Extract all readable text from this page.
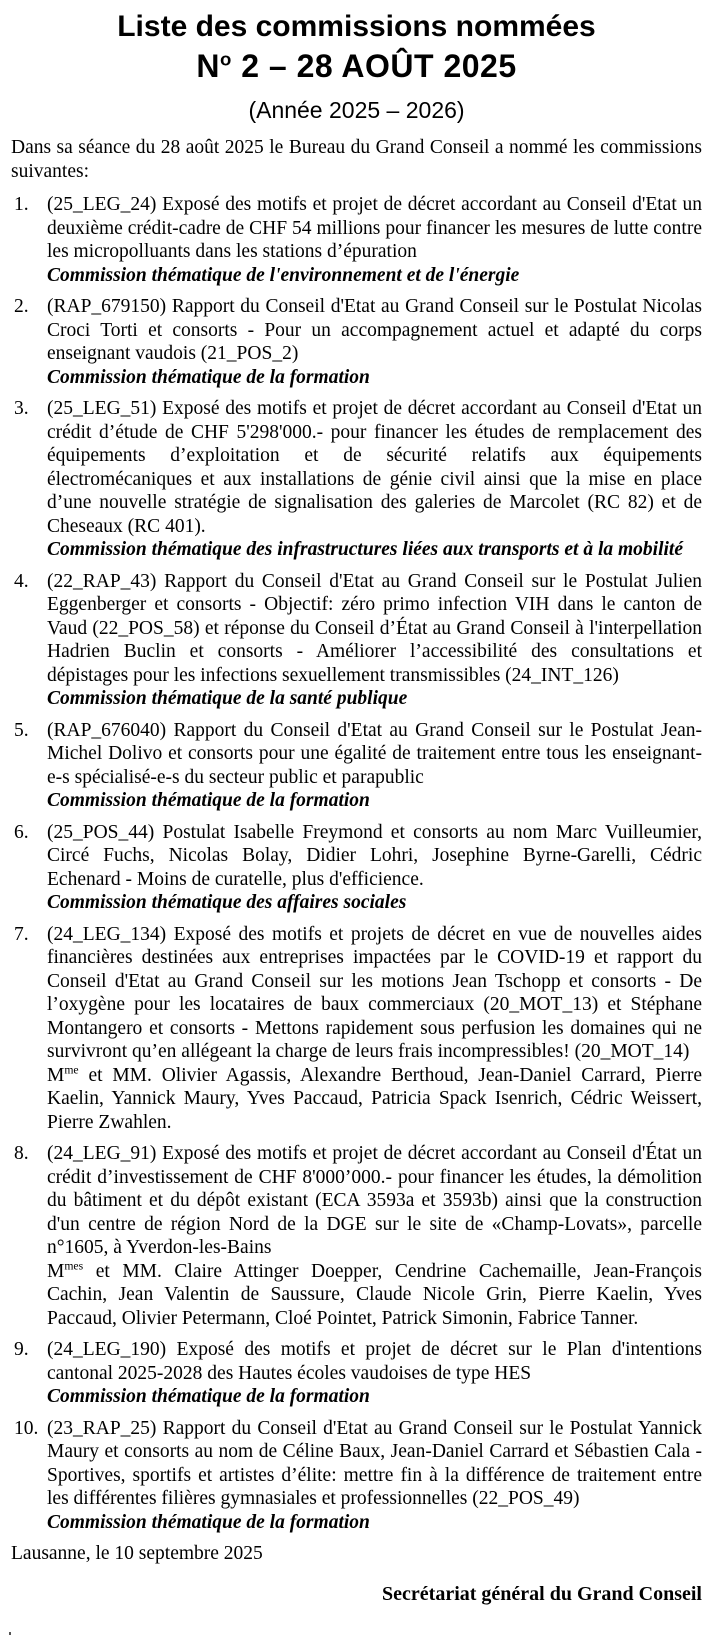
Liste des commissions nommées
$N^o$ 2 – 28 AOÛT 2025
(Année 2025 – 2026)

Dans sa séance du 28 août 2025 le Bureau du Grand Conseil a nommé les commissions suivantes:

1. (25_LEG_24) Exposé des motifs et projet de décret accordant au Conseil d'Etat un deuxième crédit-cadre de CHF 54 millions pour financer les mesures de lutte contre les micropolluants dans les stations d’épuration

Commission thématique de l'environnement et de l'énergie

2. (RAP_679150) Rapport du Conseil d'Etat au Grand Conseil sur le Postulat Nicolas Croci Torti et consorts - Pour un accompagnement actuel et adapté du corps enseignant vaudois (21_POS_2)

Commission thématique de la formation

3. (25_LEG_51) Exposé des motifs et projet de décret accordant au Conseil d'Etat un crédit d’étude de CHF 5'298'000.- pour financer les études de remplacement des équipements d’exploitation et de sécurité relatifs aux équipements électromécaniques et aux installations de génie civil ainsi que la mise en place d’une nouvelle stratégie de signalisation des galeries de Marcolet (RC 82) et de Cheseaux (RC 401).

Commission thématique des infrastructures liées aux transports et à la mobilité

4. (22_RAP_43) Rapport du Conseil d'Etat au Grand Conseil sur le Postulat Julien Eggenberger et consorts - Objectif: zéro primo infection VIH dans le canton de Vaud (22_POS_58) et réponse du Conseil d’État au Grand Conseil à l'interpellation Hadrien Buclin et consorts - Améliorer l’accessibilité des consultations et dépistages pour les infections sexuellement transmissibles (24_INT_126)

Commission thématique de la santé publique

5. (RAP_676040) Rapport du Conseil d'Etat au Grand Conseil sur le Postulat Jean-Michel Dolivo et consorts pour une égalité de traitement entre tous les enseignant-e-s spécialisé-e-s du secteur public et parapublic

Commission thématique de la formation

6. (25_POS_44) Postulat Isabelle Freymond et consorts au nom Marc Vuilleumier, Circé Fuchs, Nicolas Bolay, Didier Lohri, Josephine Byrne-Garelli, Cédric Echenard - Moins de curatelle, plus d'efficience.

Commission thématique des affaires sociales

7. (24_LEG_134) Exposé des motifs et projets de décret en vue de nouvelles aides financières destinées aux entreprises impactées par le COVID-19 et rapport du Conseil d'Etat au Grand Conseil sur les motions Jean Tschopp et consorts - De l’oxygène pour les locataires de baux commerciaux (20_MOT_13) et Stéphane Montangero et consorts - Mettons rapidement sous perfusion les domaines qui ne survivront qu’en allégeant la charge de leurs frais incompressibles! (20_MOT_14)

$M^{me}$ et MM. Olivier Agassis, Alexandre Berthoud, Jean-Daniel Carrard, Pierre Kaelin, Yannick Maury, Yves Paccaud, Patricia Spack Isenrich, Cédric Weissert, Pierre Zwahlen.

8. (24_LEG_91) Exposé des motifs et projet de décret accordant au Conseil d'État un crédit d’investissement de CHF 8'000’000.- pour financer les études, la démolition du bâtiment et du dépôt existant (ECA 3593a et 3593b) ainsi que la construction d'un centre de région Nord de la DGE sur le site de «Champ-Lovats», parcelle n°1605, à Yverdon-les-Bains

$M^{mes}$ et MM. Claire Attinger Doepper, Cendrine Cachemaille, Jean-François Cachin, Jean Valentin de Saussure, Claude Nicole Grin, Pierre Kaelin, Yves Paccaud, Olivier Petermann, Cloé Pointet, Patrick Simonin, Fabrice Tanner.

9. (24_LEG_190) Exposé des motifs et projet de décret sur le Plan d'intentions cantonal 2025-2028 des Hautes écoles vaudoises de type HES

Commission thématique de la formation

10. (23_RAP_25) Rapport du Conseil d'Etat au Grand Conseil sur le Postulat Yannick Maury et consorts au nom de Céline Baux, Jean-Daniel Carrard et Sébastien Cala - Sportives, sportifs et artistes d’élite: mettre fin à la différence de traitement entre les différentes filières gymnasiales et professionnelles (22_POS_49)

Commission thématique de la formation

Lausanne, le 10 septembre 2025

Secrétariat général du Grand Conseil
